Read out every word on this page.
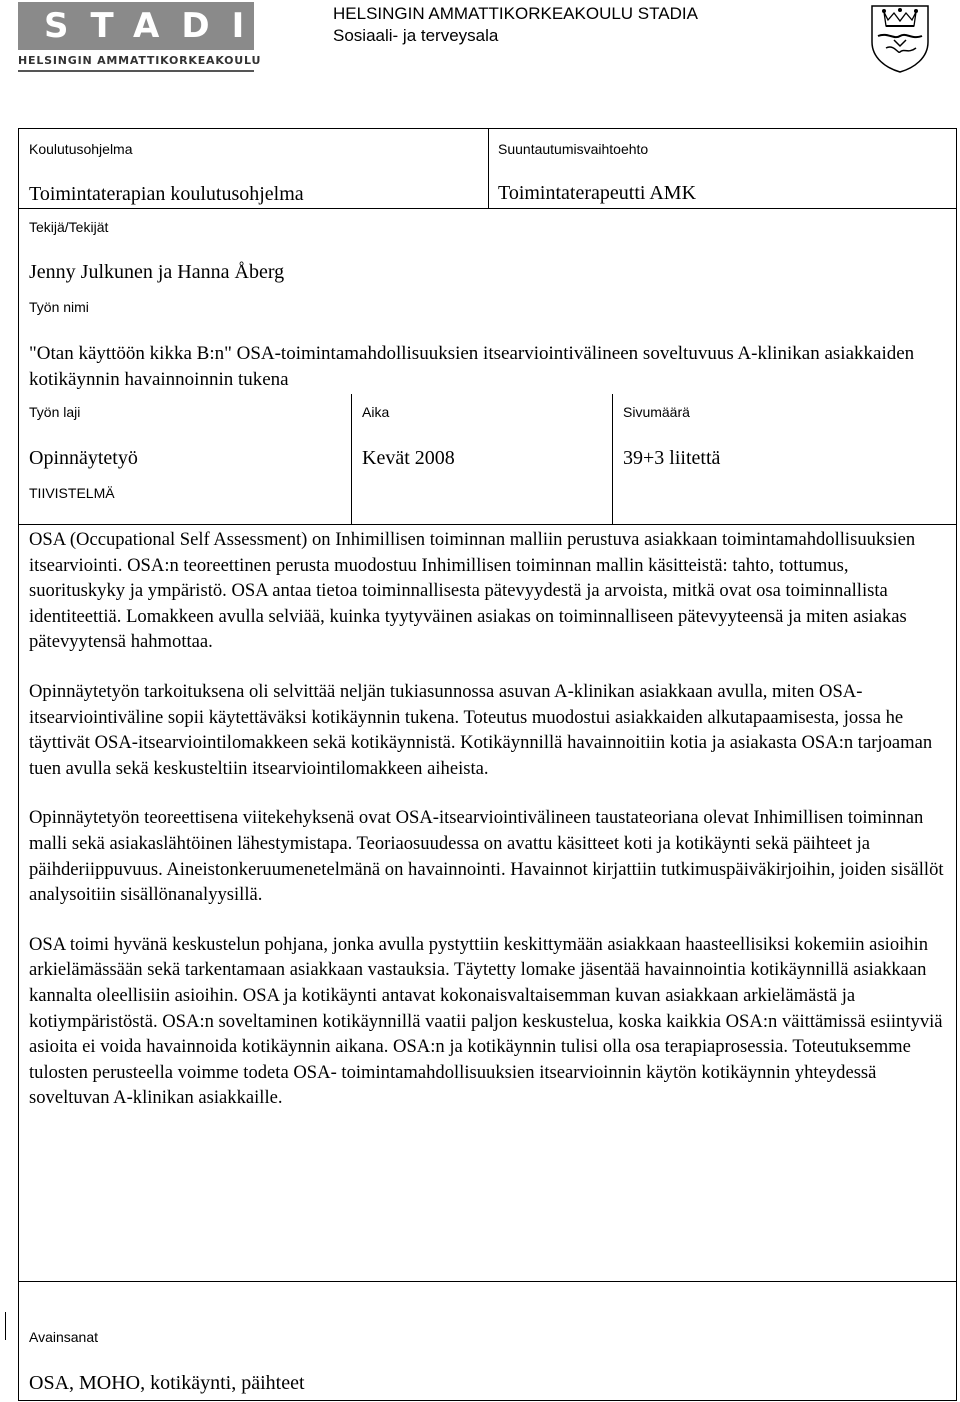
STADIA
HELSINGIN AMMATTIKORKEAKOULU
HELSINGIN AMMATTIKORKEAKOULU STADIA
Sosiaali- ja terveysala
Koulutusohjelma
Toimintaterapian koulutusohjelma
Suuntautumisvaihtoehto
Toimintaterapeutti AMK
Tekijä/Tekijät
Jenny Julkunen ja Hanna Åberg
Työn nimi
"Otan käyttöön kikka B:n" OSA-toimintamahdollisuuksien itsearviointivälineen soveltuvuus A-klinikan asiakkaiden kotikäynnin havainnoinnin tukena
Työn laji
Opinnäytetyö
Aika
Kevät 2008
Sivumäärä
39+3 liitettä
TIIVISTELMÄ

OSA (Occupational Self Assessment) on Inhimillisen toiminnan malliin perustuva asiakkaan toimintamahdollisuuksien itsearviointi. OSA:n teoreettinen perusta muodostuu Inhimillisen toiminnan mallin käsitteistä: tahto, tottumus, suorituskyky ja ympäristö. OSA antaa tietoa toiminnallisesta pätevyydestä ja arvoista, mitkä ovat osa toiminnallista identiteettiä. Lomakkeen avulla selviää, kuinka tyytyväinen asiakas on toiminnalliseen pätevyyteensä ja miten asiakas pätevyytensä hahmottaa.

Opinnäytetyön tarkoituksena oli selvittää neljän tukiasunnossa asuvan A-klinikan asiakkaan avulla, miten OSA-itsearviointiväline sopii käytettäväksi kotikäynnin tukena. Toteutus muodostui asiakkaiden alkutapaamisesta, jossa he täyttivät OSA-itsearviointilomakkeen sekä kotikäynnistä. Kotikäynnillä havainnoitiin kotia ja asiakasta OSA:n tarjoaman tuen avulla sekä keskusteltiin itsearviointilomakkeen aiheista.

Opinnäytetyön teoreettisena viitekehyksenä ovat OSA-itsearviointivälineen taustateoriana olevat Inhimillisen toiminnan malli sekä asiakaslähtöinen lähestymistapa. Teoriaosuudessa on avattu käsitteet koti ja kotikäynti sekä päihteet ja päihderiippuvuus. Aineistonkeruumenetelmänä on havainnointi. Havainnot kirjattiin tutkimuspäiväkirjoihin, joiden sisällöt analysoitiin sisällönanalyysillä.

OSA toimi hyvänä keskustelun pohjana, jonka avulla pystyttiin keskittymään asiakkaan haasteellisiksi kokemiin asioihin arkielämässään sekä tarkentamaan asiakkaan vastauksia. Täytetty lomake jäsentää havainnointia kotikäynnillä asiakkaan kannalta oleellisiin asioihin. OSA ja kotikäynti antavat kokonaisvaltaisemman kuvan asiakkaan arkielämästä ja kotiympäristöstä. OSA:n soveltaminen kotikäynnillä vaatii paljon keskustelua, koska kaikkia OSA:n väittämissä esiintyviä asioita ei voida havainnoida kotikäynnin aikana. OSA:n ja kotikäynnin tulisi olla osa terapiaprosessia. Toteutuksemme tulosten perusteella voimme todeta OSA- toimintamahdollisuuksien itsearvioinnin käytön kotikäynnin yhteydessä soveltuvan A-klinikan asiakkaille.

Avainsanat
OSA, MOHO, kotikäynti, päihteet
